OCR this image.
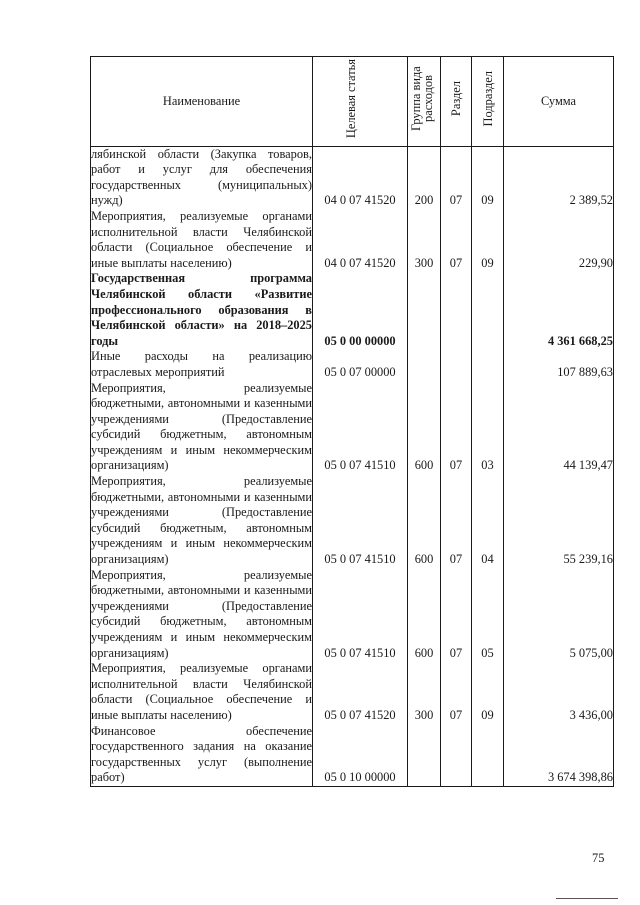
Наименование	Целевая статья	Группа вида расходов	Раздел	Подраздел	Сумма
лябинской области (Закупка товаров, работ и услуг для обеспечения государственных (муниципальных) нужд)	04 0 07 41520	200	07	09	2 389,52
Мероприятия, реализуемые органами исполнительной власти Челябинской области (Социальное обеспечение и иные выплаты населению)	04 0 07 41520	300	07	09	229,90
Государственная программа Челябинской области «Развитие профессионального образования в Челябинской области» на 2018–2025 годы	05 0 00 00000				4 361 668,25
Иные расходы на реализацию отраслевых мероприятий	05 0 07 00000				107 889,63
Мероприятия, реализуемые бюджетными, автономными и казенными учреждениями (Предоставление субсидий бюджетным, автономным учреждениям и иным некоммерческим организациям)	05 0 07 41510	600	07	03	44 139,47
Мероприятия, реализуемые бюджетными, автономными и казенными учреждениями (Предоставление субсидий бюджетным, автономным учреждениям и иным некоммерческим организациям)	05 0 07 41510	600	07	04	55 239,16
Мероприятия, реализуемые бюджетными, автономными и казенными учреждениями (Предоставление субсидий бюджетным, автономным учреждениям и иным некоммерческим организациям)	05 0 07 41510	600	07	05	5 075,00
Мероприятия, реализуемые органами исполнительной власти Челябинской области (Социальное обеспечение и иные выплаты населению)	05 0 07 41520	300	07	09	3 436,00
Финансовое обеспечение государственного задания на оказание государственных услуг (выполнение работ)	05 0 10 00000				3 674 398,86
75
